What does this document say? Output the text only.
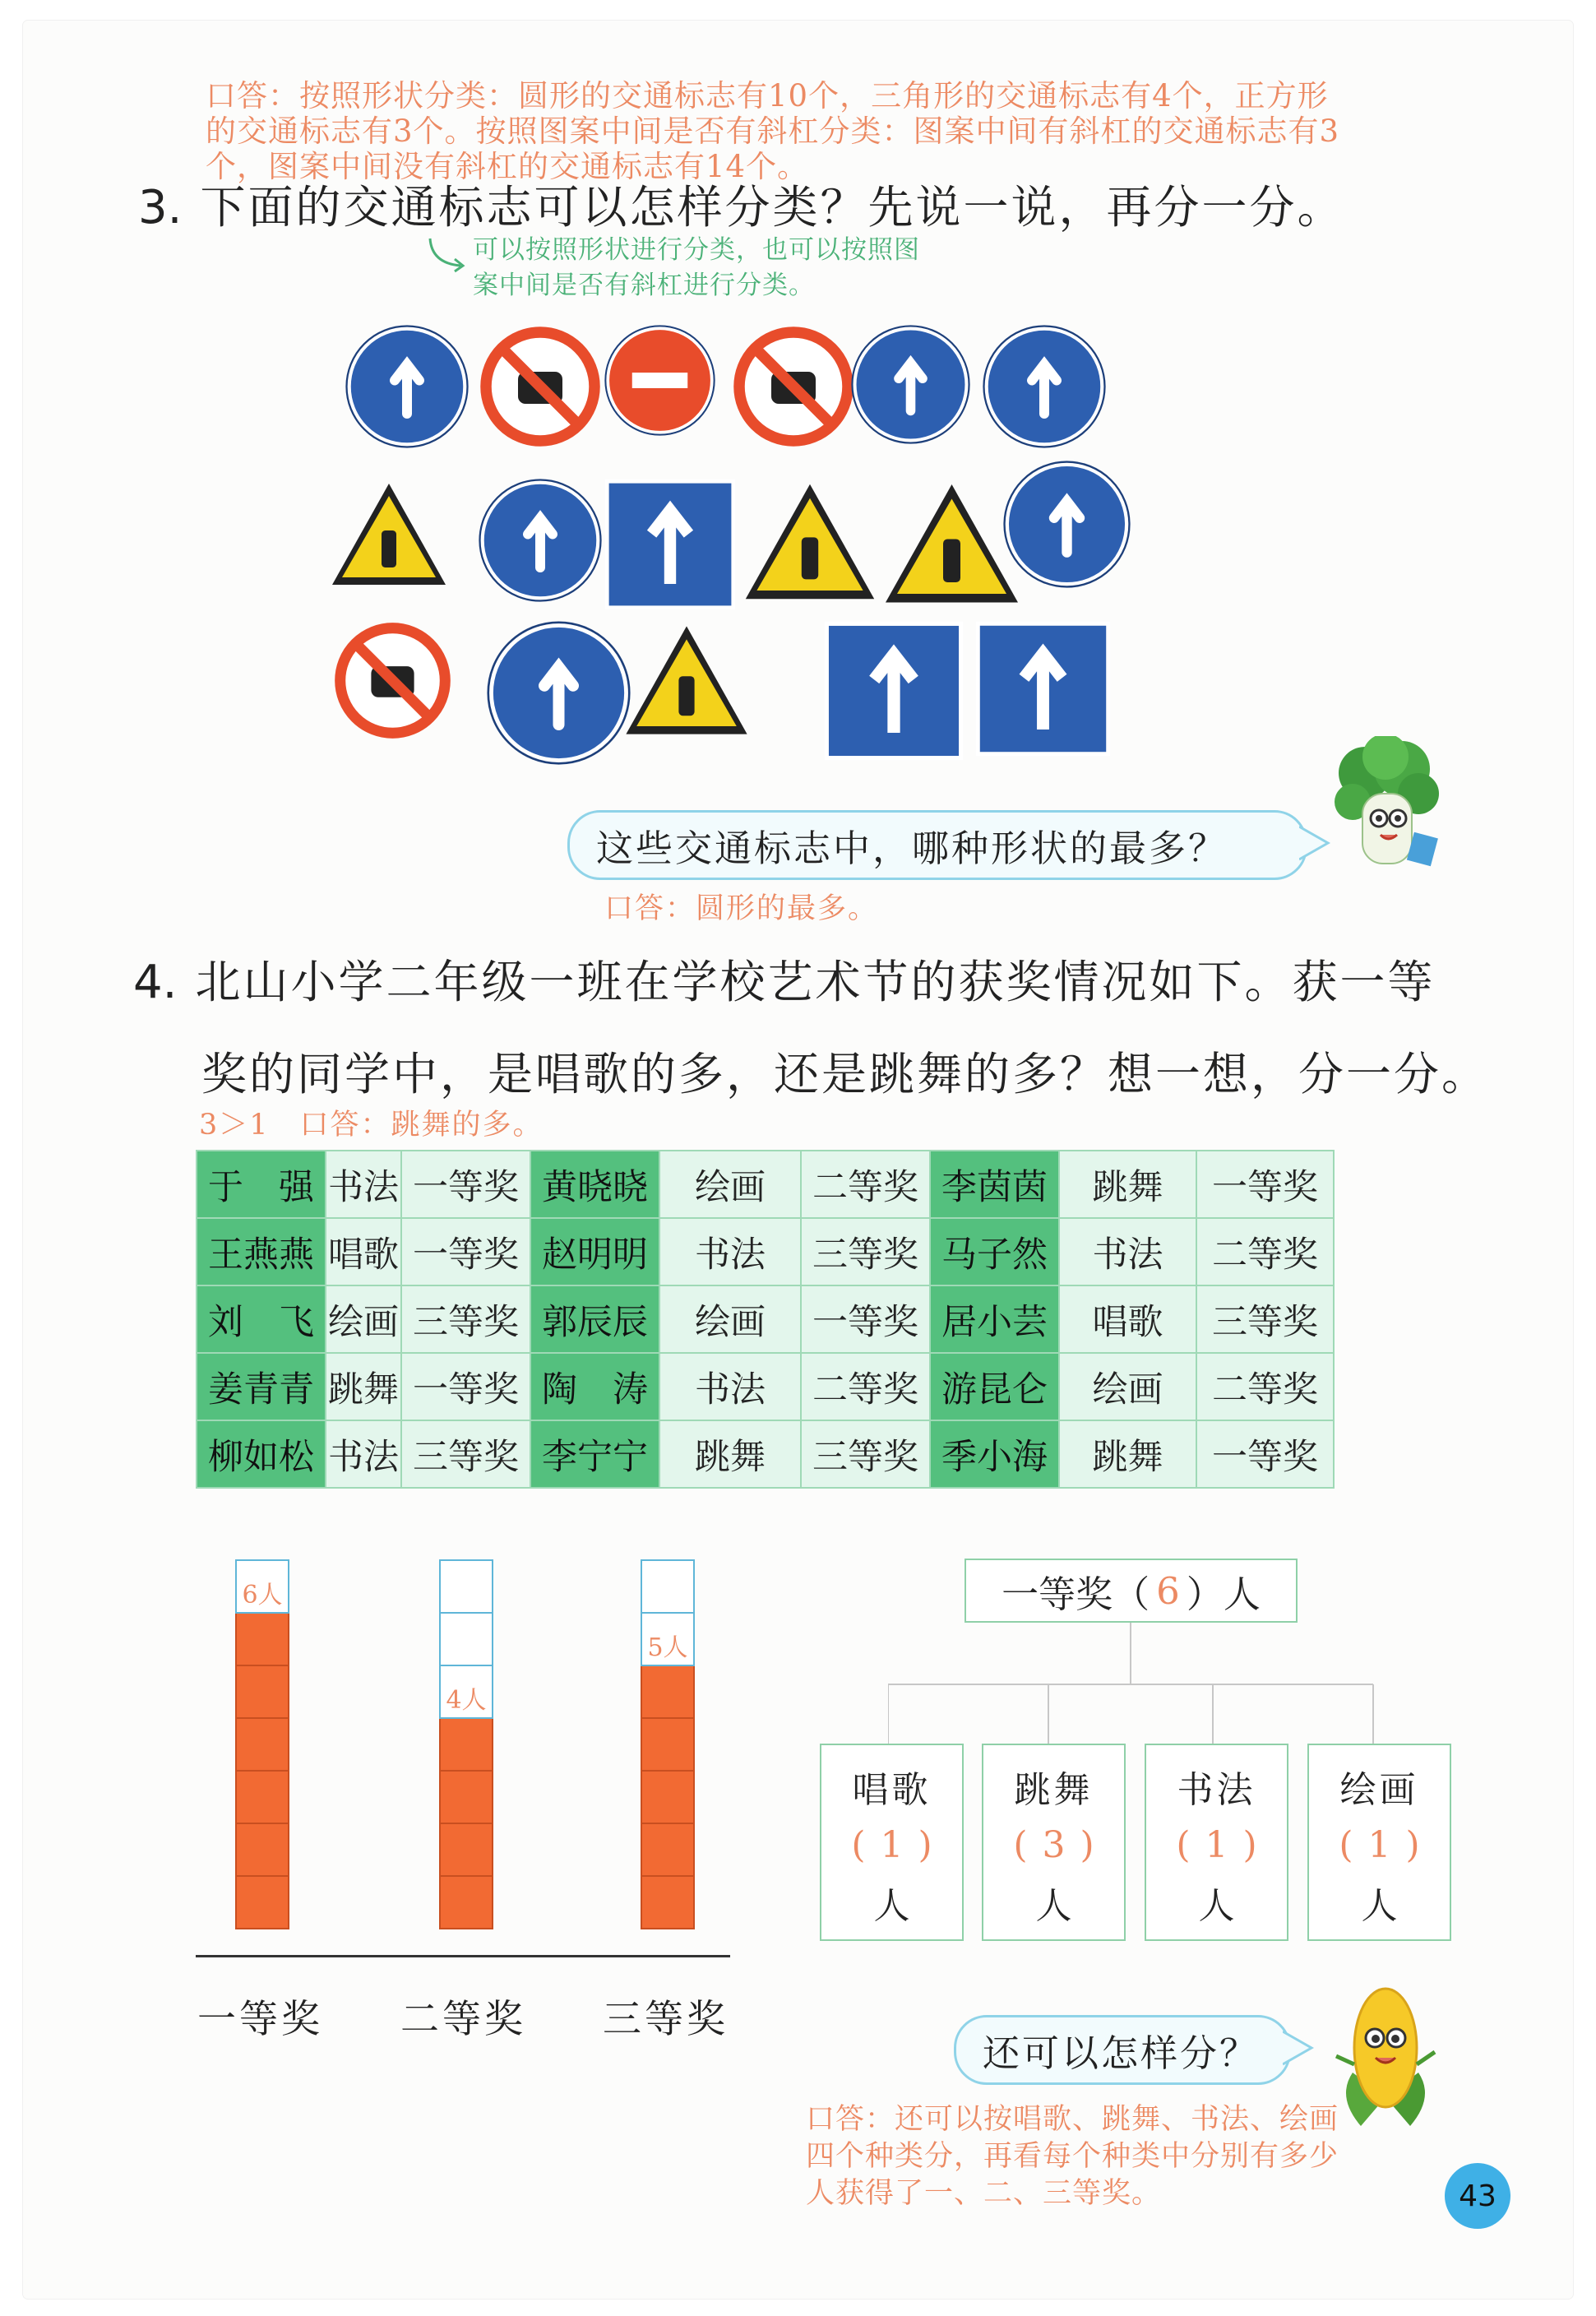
口答：按照形状分类：圆形的交通标志有10个，三角形的交通标志有4个，正方形的交通标志有3个。按照图案中间是否有斜杠分类：图案中间有斜杠的交通标志有3个，图案中间没有斜杠的交通标志有14个。
3. 下面的交通标志可以怎样分类？先说一说，再分一分。
可以按照形状进行分类，也可以按照图案中间是否有斜杠进行分类。
这些交通标志中，哪种形状的最多？
口答：圆形的最多。
4. 北山小学二年级一班在学校艺术节的获奖情况如下。获一等
奖的同学中，是唱歌的多，还是跳舞的多？想一想，分一分。
3＞1　口答：跳舞的多。
于　强	书法	一等奖	黄晓晓	绘画	二等奖	李茵茵	跳舞	一等奖
王燕燕	唱歌	一等奖	赵明明	书法	三等奖	马子然	书法	二等奖
刘　飞	绘画	三等奖	郭辰辰	绘画	一等奖	居小芸	唱歌	三等奖
姜青青	跳舞	一等奖	陶　涛	书法	二等奖	游昆仑	绘画	二等奖
柳如松	书法	三等奖	李宁宁	跳舞	三等奖	季小海	跳舞	一等奖
6人
4人
5人
一等奖 二等奖 三等奖
一等奖（ 6 ）人
唱歌
( 1 )
人
跳舞
( 3 )
人
书法
( 1 )
人
绘画
( 1 )
人
还可以怎样分？
口答：还可以按唱歌、跳舞、书法、绘画四个种类分，再看每个种类中分别有多少人获得了一、二、三等奖。	43
